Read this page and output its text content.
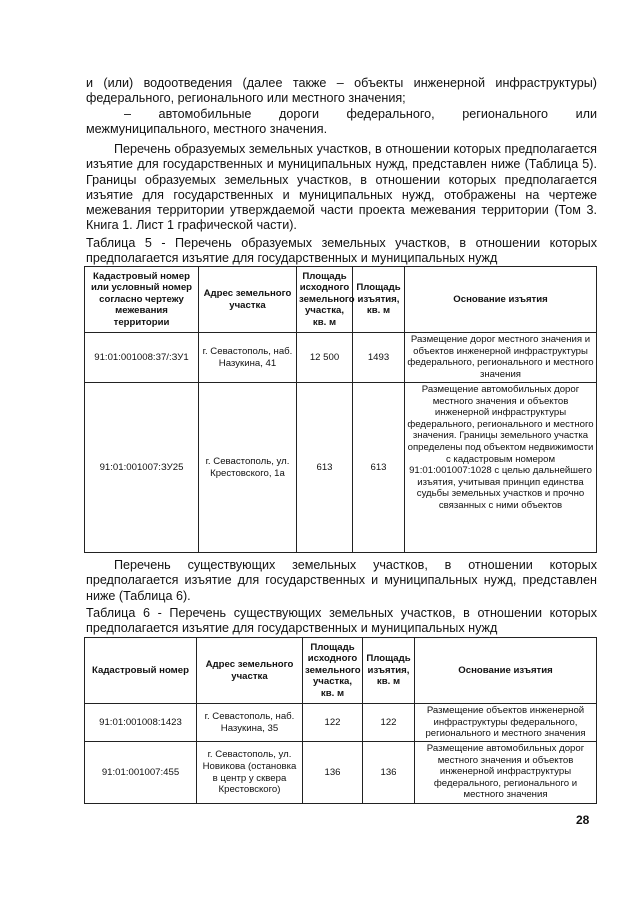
и (или) водоотведения (далее также – объекты инженерной инфраструктуры) федерального, регионального или местного значения;

– автомобильные дороги федерального, регионального или межмуниципального, местного значения.

Перечень образуемых земельных участков, в отношении которых предполагается изъятие для государственных и муниципальных нужд, представлен ниже (Таблица 5). Границы образуемых земельных участков, в отношении которых предполагается изъятие для государственных и муниципальных нужд, отображены на чертеже межевания территории утверждаемой части проекта межевания территории (Том 3. Книга 1. Лист 1 графической части).

Таблица 5 - Перечень образуемых земельных участков, в отношении которых предполагается изъятие для государственных и муниципальных нужд

Кадастровый номер или условный номер согласно чертежу межевания территории	Адрес земельного участка	Площадь исходного земельного участка, кв. м	Площадь изъятия, кв. м	Основание изъятия
91:01:001008:37/:ЗУ1	г. Севастополь, наб. Назукина, 41	12 500	1493	Размещение дорог местного значения и объектов инженерной инфраструктуры федерального, регионального и местного значения
91:01:001007:ЗУ25	г. Севастополь, ул. Крестовского, 1а	613	613	Размещение автомобильных дорог местного значения и объектов инженерной инфраструктуры федерального, регионального и местного значения. Границы земельного участка определены под объектом недвижимости с кадастровым номером 91:01:001007:1028 с целью дальнейшего изъятия, учитывая принцип единства судьбы земельных участков и прочно связанных с ними объектов

Перечень существующих земельных участков, в отношении которых предполагается изъятие для государственных и муниципальных нужд, представлен ниже (Таблица 6).

Таблица 6 - Перечень существующих земельных участков, в отношении которых предполагается изъятие для государственных и муниципальных нужд

Кадастровый номер	Адрес земельного участка	Площадь исходного земельного участка, кв. м	Площадь изъятия, кв. м	Основание изъятия
91:01:001008:1423	г. Севастополь, наб. Назукина, 35	122	122	Размещение объектов инженерной инфраструктуры федерального, регионального и местного значения
91:01:001007:455	г. Севастополь, ул. Новикова (остановка в центр у сквера Крестовского)	136	136	Размещение автомобильных дорог местного значения и объектов инженерной инфраструктуры федерального, регионального и местного значения
28
